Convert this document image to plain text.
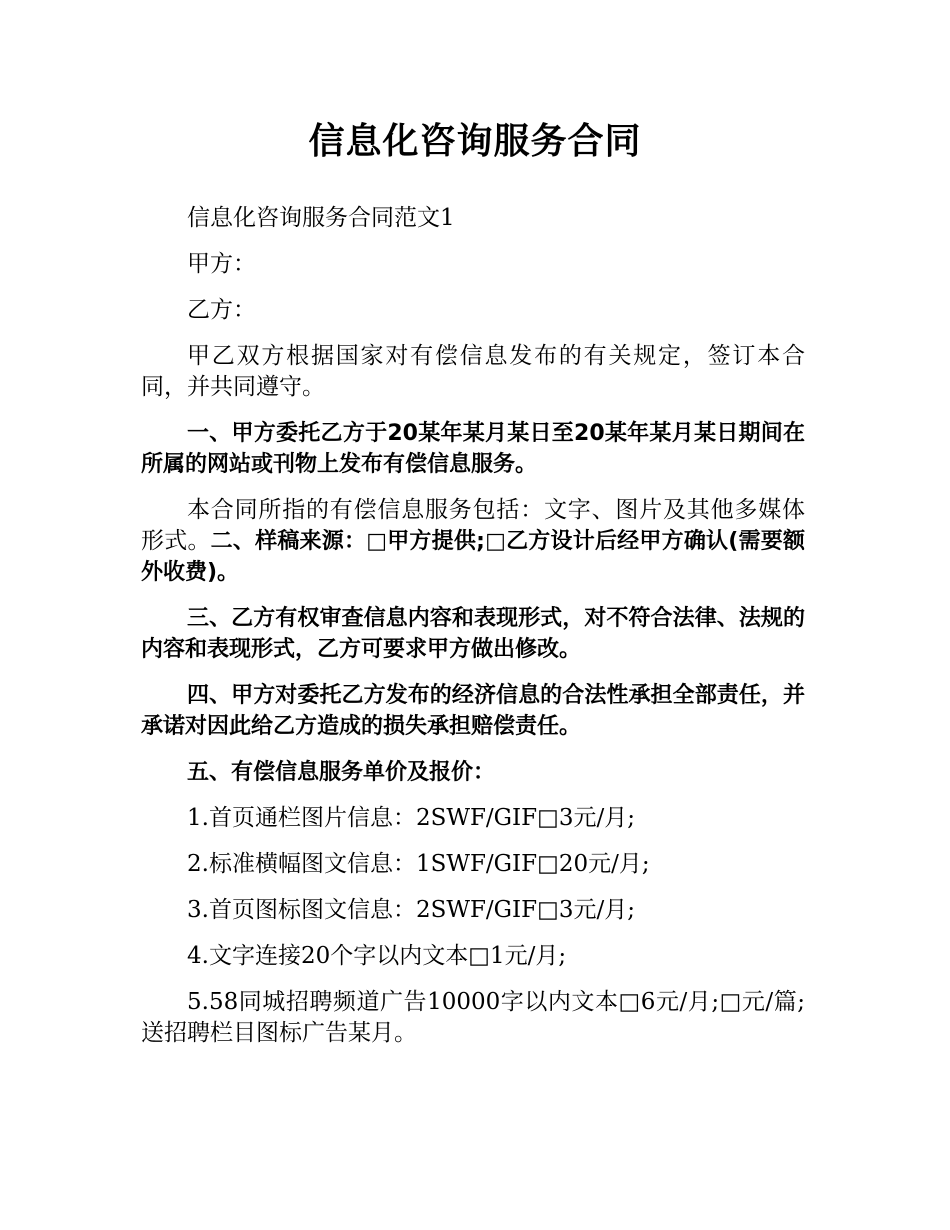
信息化咨询服务合同

信息化咨询服务合同范文1

甲方：

乙方：

甲乙双方根据国家对有偿信息发布的有关规定，签订本合同，并共同遵守。

一、甲方委托乙方于20某年某月某日至20某年某月某日期间在所属的网站或刊物上发布有偿信息服务。

本合同所指的有偿信息服务包括：文字、图片及其他多媒体形式。二、样稿来源：□甲方提供;□乙方设计后经甲方确认(需要额外收费)。

三、乙方有权审查信息内容和表现形式，对不符合法律、法规的内容和表现形式，乙方可要求甲方做出修改。

四、甲方对委托乙方发布的经济信息的合法性承担全部责任，并承诺对因此给乙方造成的损失承担赔偿责任。

五、有偿信息服务单价及报价：

1.首页通栏图片信息：2SWF/GIF□3元/月;

2.标准横幅图文信息：1SWF/GIF□20元/月;

3.首页图标图文信息：2SWF/GIF□3元/月;

4.文字连接20个字以内文本□1元/月;

5.58同城招聘频道广告10000字以内文本□6元/月;□元/篇;送招聘栏目图标广告某月。
